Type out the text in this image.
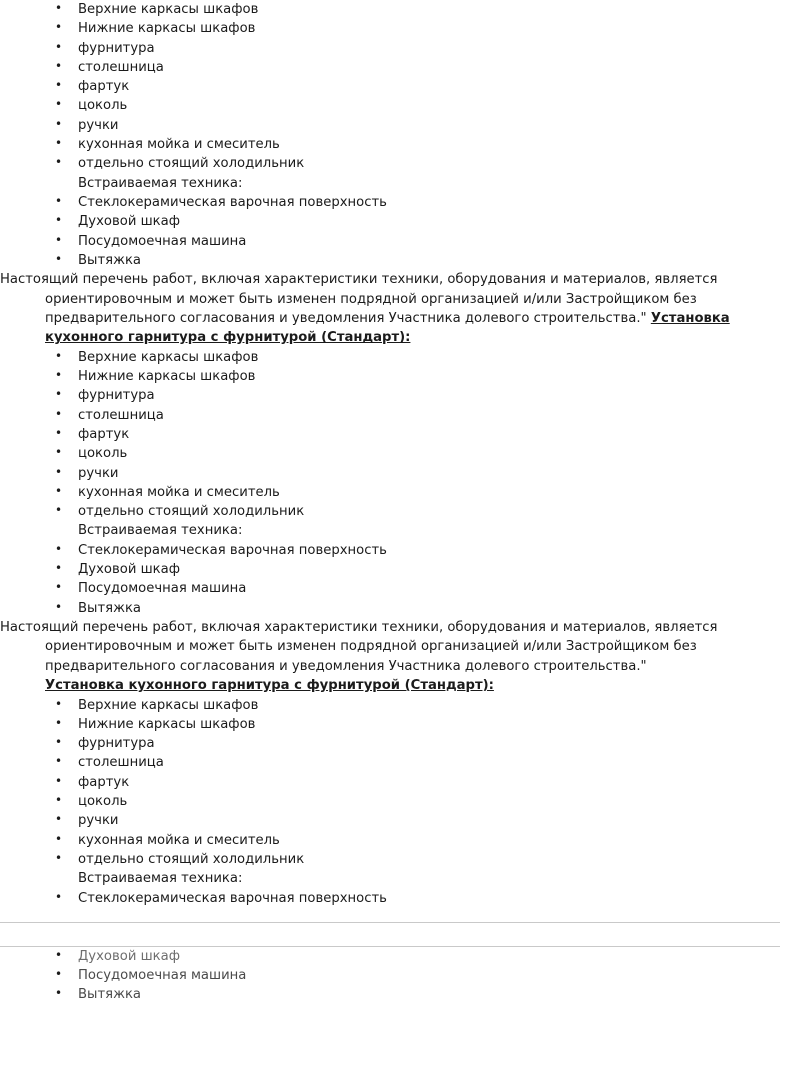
• Верхние каркасы шкафов
• Нижние каркасы шкафов
• фурнитура
• столешница
• фартук
• цоколь
• ручки
• кухонная мойка и смеситель
• отдельно стоящий холодильник
Встраиваемая техника:
• Стеклокерамическая варочная поверхность
• Духовой шкаф
• Посудомоечная машина
• Вытяжка

Настоящий перечень работ, включая характеристики техники, оборудования и материалов, является
ориентировочным и может быть изменен подрядной организацией и/или Застройщиком без
предварительного согласования и уведомления Участника долевого строительства." Установка

кухонного гарнитура с фурнитурой (Стандарт):

• Верхние каркасы шкафов
• Нижние каркасы шкафов
• фурнитура
• столешница
• фартук
• цоколь
• ручки
• кухонная мойка и смеситель
• отдельно стоящий холодильник
Встраиваемая техника:
• Стеклокерамическая варочная поверхность
• Духовой шкаф
• Посудомоечная машина
• Вытяжка

Настоящий перечень работ, включая характеристики техники, оборудования и материалов, является
ориентировочным и может быть изменен подрядной организацией и/или Застройщиком без
предварительного согласования и уведомления Участника долевого строительства."

Установка кухонного гарнитура с фурнитурой (Стандарт):

• Верхние каркасы шкафов
• Нижние каркасы шкафов
• фурнитура
• столешница
• фартук
• цоколь
• ручки
• кухонная мойка и смеситель
• отдельно стоящий холодильник
Встраиваемая техника:
• Стеклокерамическая варочная поверхность
• Духовой шкаф
• Посудомоечная машина
• Вытяжка
